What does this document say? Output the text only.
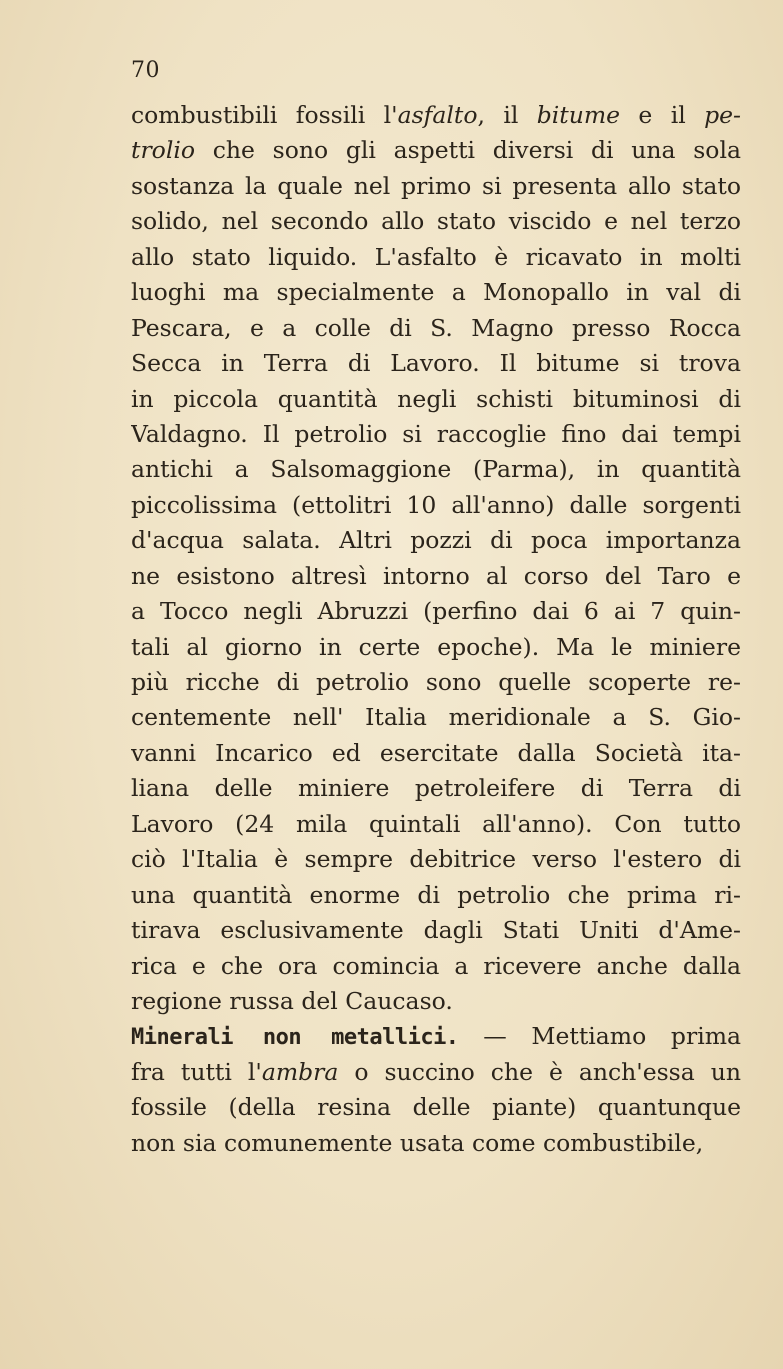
70
combustibili fossili l'asfalto, il bitume e il pe-
trolio che sono gli aspetti diversi di una sola
sostanza la quale nel primo si presenta allo stato
solido, nel secondo allo stato viscido e nel terzo
allo stato liquido. L'asfalto è ricavato in molti
luoghi ma specialmente a Monopallo in val di
Pescara, e a colle di S. Magno presso Rocca
Secca in Terra di Lavoro. Il bitume si trova
in piccola quantità negli schisti bituminosi di
Valdagno. Il petrolio si raccoglie fino dai tempi
antichi a Salsomaggione (Parma), in quantità
piccolissima (ettolitri 10 all'anno) dalle sorgenti
d'acqua salata. Altri pozzi di poca importanza
ne esistono altresì intorno al corso del Taro e
a Tocco negli Abruzzi (perfino dai 6 ai 7 quin-
tali al giorno in certe epoche). Ma le miniere
più ricche di petrolio sono quelle scoperte re-
centemente nell' Italia meridionale a S. Gio-
vanni Incarico ed esercitate dalla Società ita-
liana delle miniere petroleifere di Terra di
Lavoro (24 mila quintali all'anno). Con tutto
ciò l'Italia è sempre debitrice verso l'estero di
una quantità enorme di petrolio che prima ri-
tirava esclusivamente dagli Stati Uniti d'Ame-
rica e che ora comincia a ricevere anche dalla
regione russa del Caucaso.
Minerali non metallici. — Mettiamo prima
fra tutti l'ambra o succino che è anch'essa un
fossile (della resina delle piante) quantunque
non sia comunemente usata come combustibile,
